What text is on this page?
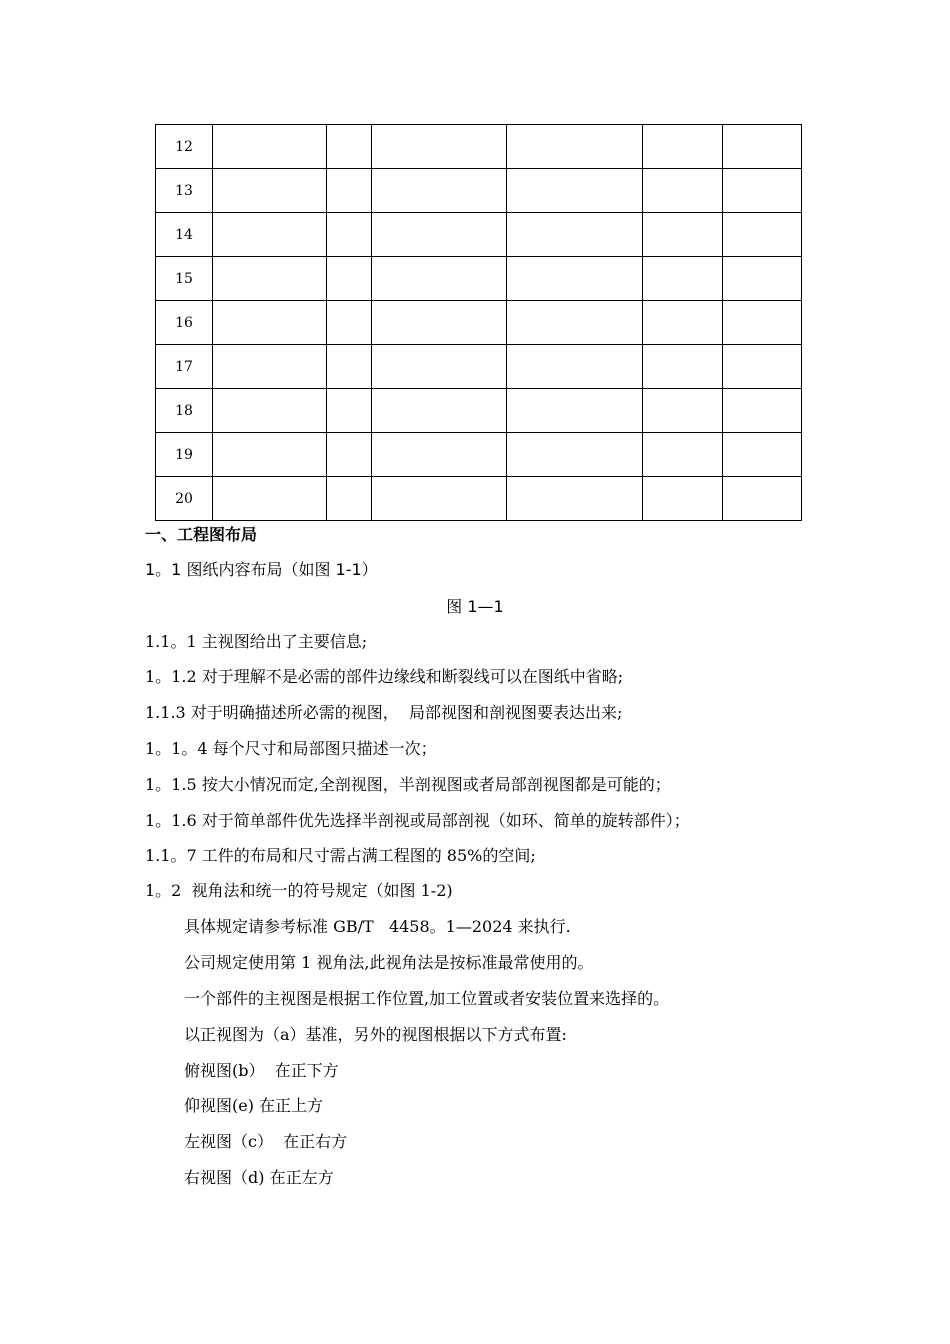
12						
13						
14						
15						
16						
17						
18						
19						
20						
一、工程图布局
1。1 图纸内容布局（如图 1-1）
图 1—1
1.1。1 主视图给出了主要信息;
1。1.2 对于理解不是必需的部件边缘线和断裂线可以在图纸中省略;
1.1.3 对于明确描述所必需的视图，  局部视图和剖视图要表达出来;
1。1。4 每个尺寸和局部图只描述一次；
1。1.5 按大小情况而定,全剖视图，半剖视图或者局部剖视图都是可能的；
1。1.6 对于简单部件优先选择半剖视或局部剖视（如环、简单的旋转部件）；
1.1。7 工件的布局和尺寸需占满工程图的 85%的空间;
1。2  视角法和统一的符号规定（如图 1-2)
具体规定请参考标准 GB/T   4458。1—2024 来执行.
公司规定使用第 1 视角法,此视角法是按标准最常使用的。
一个部件的主视图是根据工作位置,加工位置或者安装位置来选择的。
以正视图为（a）基准，另外的视图根据以下方式布置:
俯视图(b）  在正下方
仰视图(e) 在正上方
左视图（c）  在正右方
右视图（d) 在正左方
